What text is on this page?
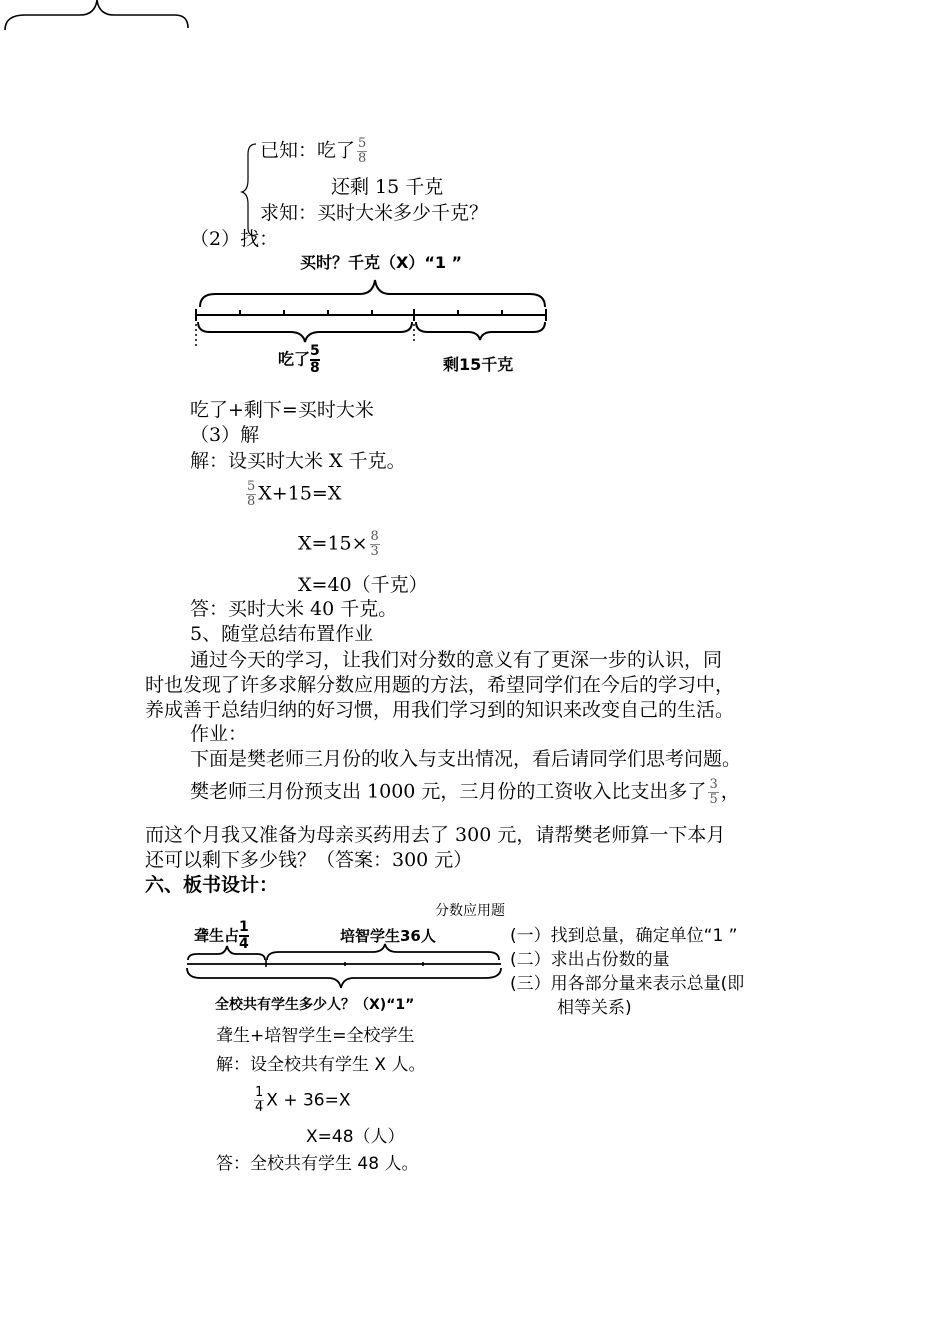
已知：吃了 $\frac{5}{8}$
还剩 15 千克
求知：买时大米多少千克？
（2）找：
买时？千克（X）“1 ”
吃了 $\frac{5}{8}$	剩15千克
吃了+剩下=买时大米
（3）解
解：设买时大米 X 千克。
$\frac{5}{8} X+15=X$
$X=15\times \frac{8}{3}$
X=40（千克）
答：买时大米 40 千克。
5、随堂总结布置作业
通过今天的学习，让我们对分数的意义有了更深一步的认识，同
时也发现了许多求解分数应用题的方法，希望同学们在今后的学习中，
养成善于总结归纳的好习惯，用我们学习到的知识来改变自己的生活。
作业：
下面是樊老师三月份的收入与支出情况，看后请同学们思考问题。
樊老师三月份预支出 1000 元，三月份的工资收入比支出多了 $\frac{3}{5}$ ，
而这个月我又准备为母亲买药用去了 300 元，请帮樊老师算一下本月
还可以剩下多少钱？（答案：300 元）
六、板书设计：
分数应用题
聋生占 $\frac{1}{4}$	培智学生36人
全校共有学生多少人？（X)“1”
(一）找到总量，确定单位“1 ”
(二）求出占份数的量
(三）用各部分量来表示总量(即
相等关系)
聋生+培智学生=全校学生
解：设全校共有学生 X 人。
$\frac{1}{4}$ X + 36=X
X=48（人）
答：全校共有学生 48 人。
